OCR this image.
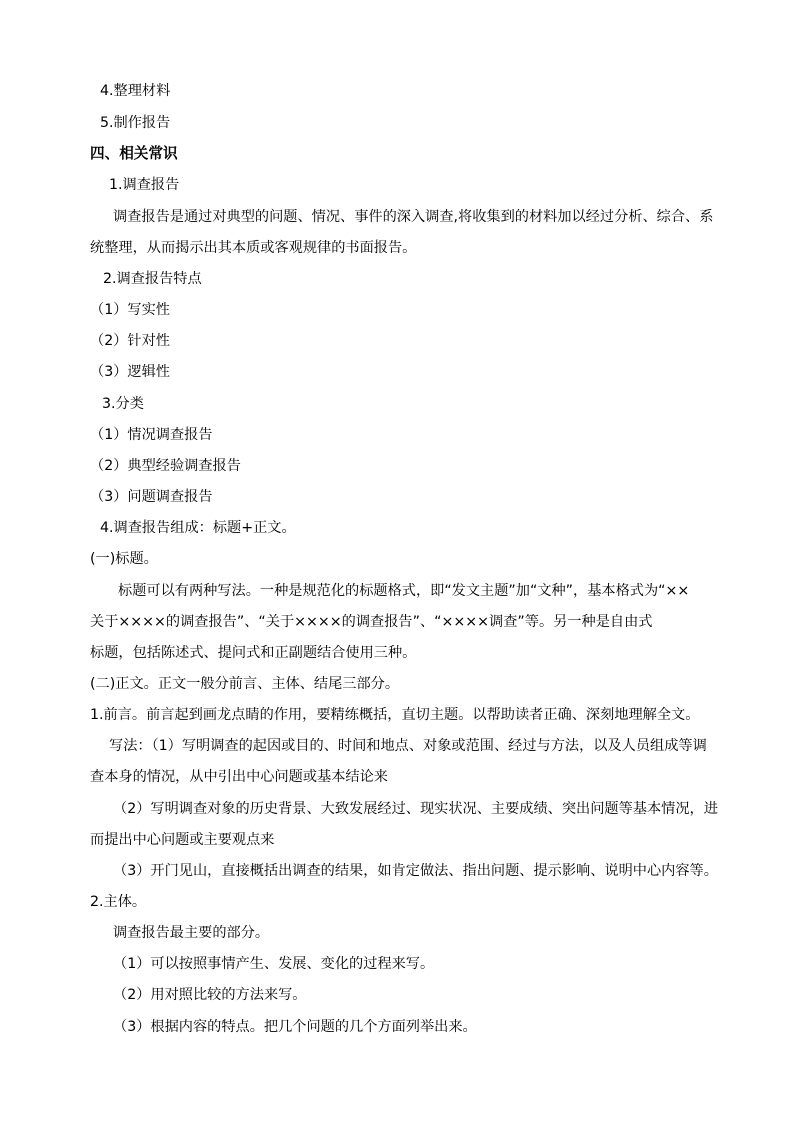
4.整理材料
5.制作报告
四、相关常识
1.调查报告
调查报告是通过对典型的问题、情况、事件的深入调查,将收集到的材料加以经过分析、综合、系
统整理，从而揭示出其本质或客观规律的书面报告。
2.调查报告特点
（1）写实性
（2）针对性
（3）逻辑性
3.分类
（1）情况调查报告
（2）典型经验调查报告
（3）问题调查报告
4.调查报告组成：标题+正文。
(一)标题。
标题可以有两种写法。一种是规范化的标题格式，即“发文主题”加“文种”，基本格式为“××
关于××××的调查报告”、“关于××××的调查报告”、“××××调查”等。另一种是自由式
标题，包括陈述式、提问式和正副题结合使用三种。
(二)正文。正文一般分前言、主体、结尾三部分。
1.前言。前言起到画龙点睛的作用，要精练概括，直切主题。以帮助读者正确、深刻地理解全文。
写法：（1）写明调查的起因或目的、时间和地点、对象或范围、经过与方法，以及人员组成等调
查本身的情况，从中引出中心问题或基本结论来
（2）写明调查对象的历史背景、大致发展经过、现实状况、主要成绩、突出问题等基本情况，进
而提出中心问题或主要观点来
（3）开门见山，直接概括出调查的结果，如肯定做法、指出问题、提示影响、说明中心内容等。
2.主体。
调查报告最主要的部分。
（1）可以按照事情产生、发展、变化的过程来写。
（2）用对照比较的方法来写。
（3）根据内容的特点。把几个问题的几个方面列举出来。
